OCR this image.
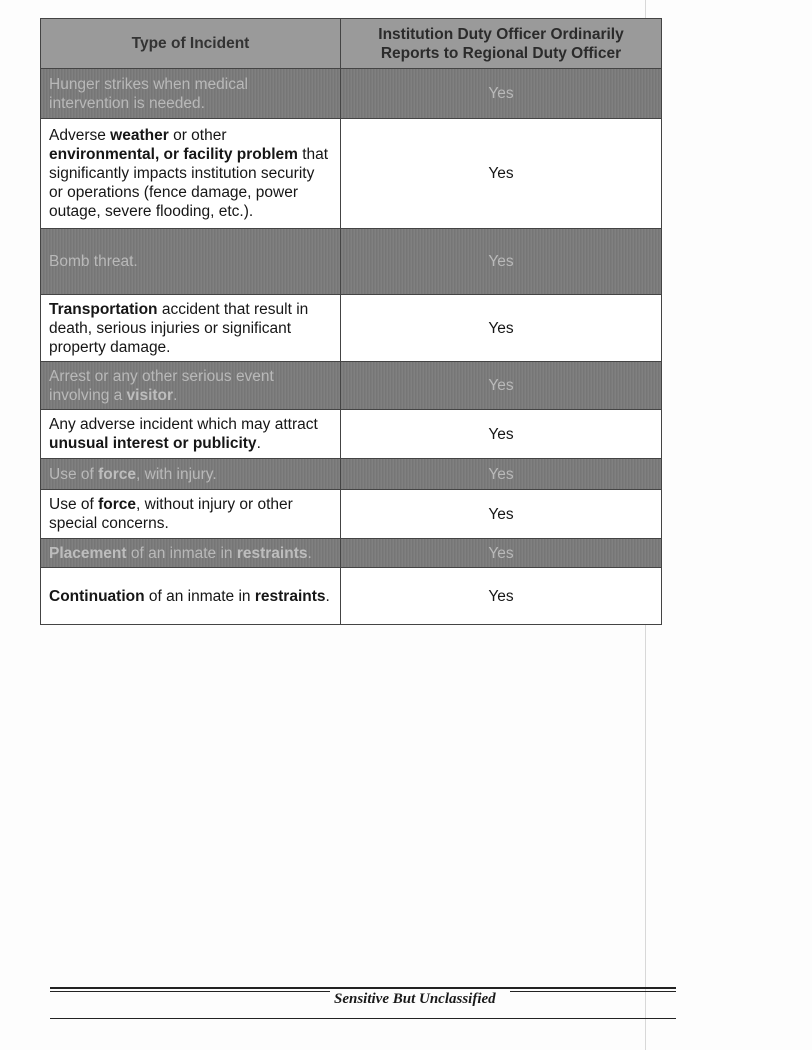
Type of Incident	Institution Duty Officer Ordinarily Reports to Regional Duty Officer
Hunger strikes when medical intervention is needed.	Yes
Adverse weather or other environmental, or facility problem that significantly impacts institution security or operations (fence damage, power outage, severe flooding, etc.).	Yes
Bomb threat.	Yes
Transportation accident that result in death, serious injuries or significant property damage.	Yes
Arrest or any other serious event involving a visitor.	Yes
Any adverse incident which may attract unusual interest or publicity.	Yes
Use of force, with injury.	Yes
Use of force, without injury or other special concerns.	Yes
Placement of an inmate in restraints.	Yes
Continuation of an inmate in restraints.	Yes
Sensitive But Unclassified
